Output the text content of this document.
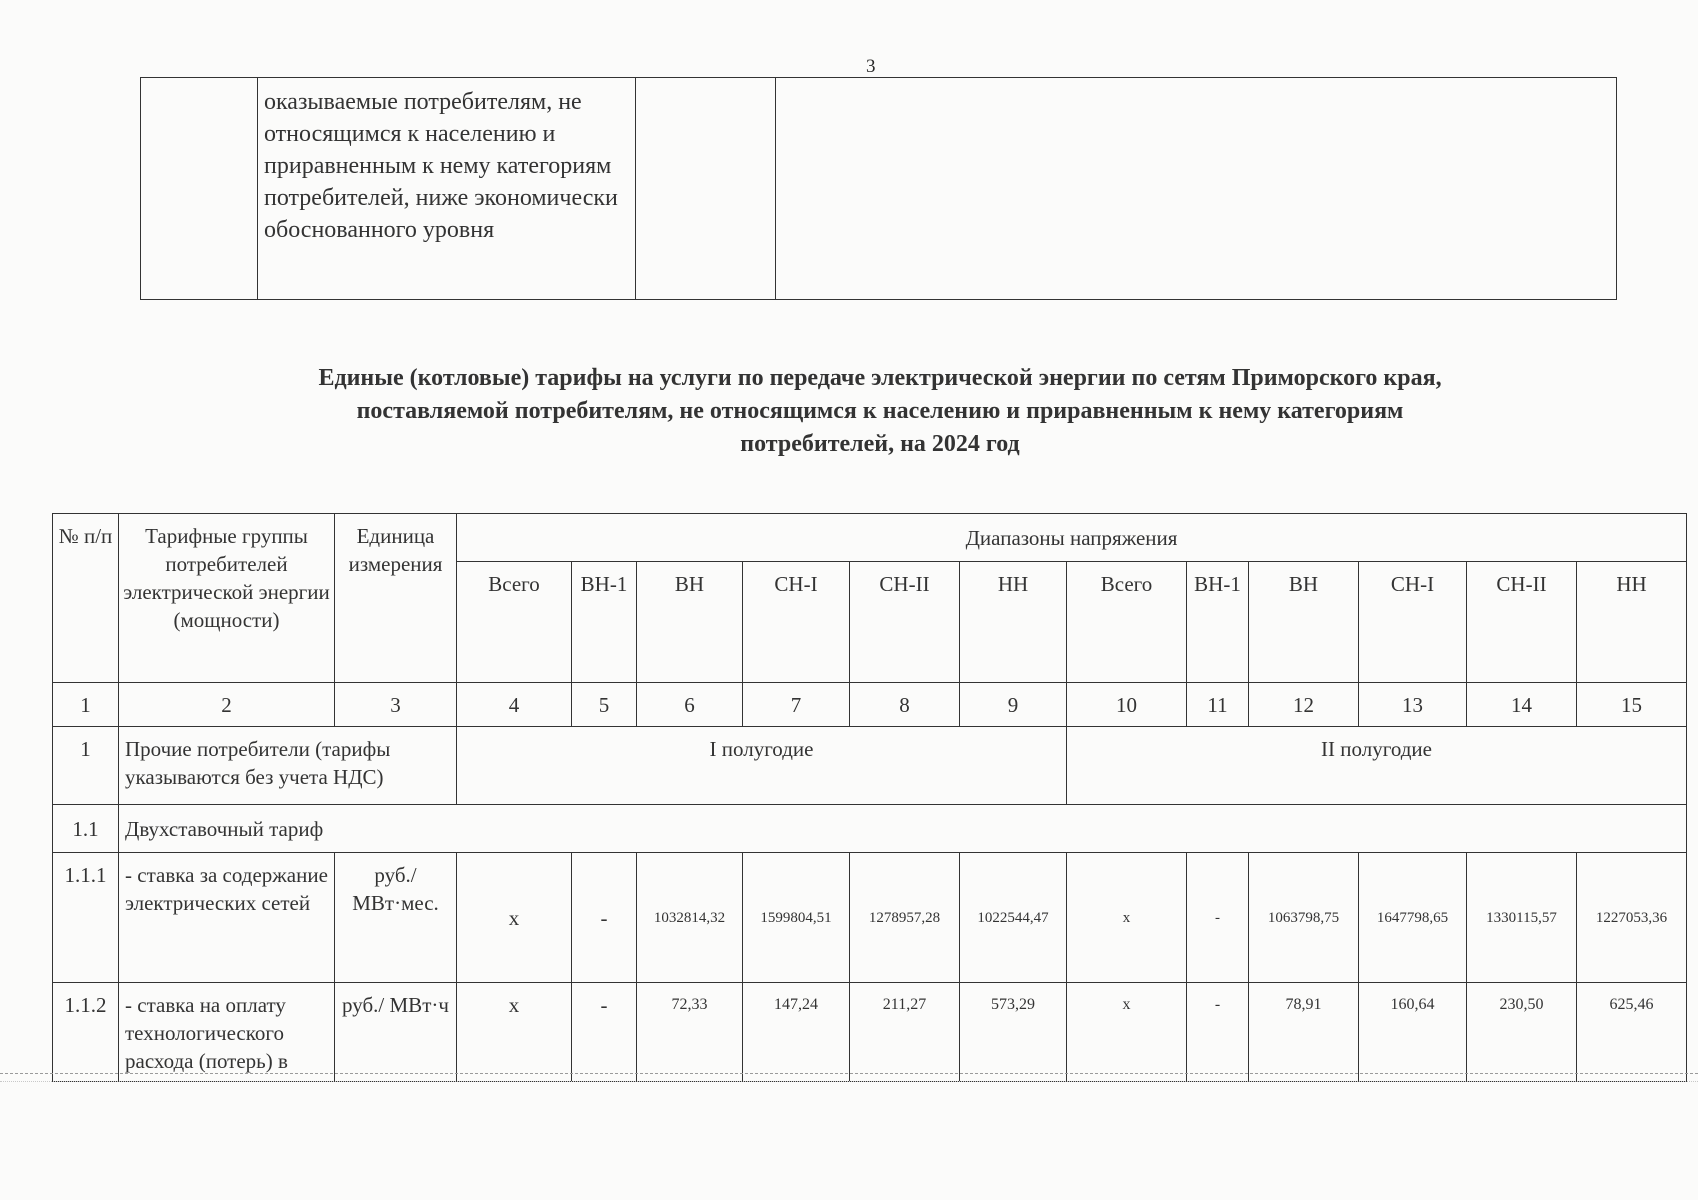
3
	оказываемые потребителям, не относящимся к населению и приравненным к нему категориям потребителей, ниже экономически обоснованного уровня		
Единые (котловые) тарифы на услуги по передаче электрической энергии по сетям Приморского края,
поставляемой потребителям, не относящимся к населению и приравненным к нему категориям
потребителей, на 2024 год
№ п/п	Тарифные группы потребителей электрической энергии (мощности)	Единица измерения	Диапазоны напряжения											
			Всего	ВН-1	ВН	СН-I	СН-II	НН	Всего	ВН-1	ВН	СН-I	СН-II	НН
1	2	3	4	5	6	7	8	9	10	11	12	13	14	15
1	Прочие потребители (тарифы указываются без учета НДС)		I полугодие						II полугодие					
1.1	Двухставочный тариф													
1.1.1	- ставка за содержание электрических сетей	руб./ МВт·мес.	х	-	1032814,32	1599804,51	1278957,28	1022544,47	х	-	1063798,75	1647798,65	1330115,57	1227053,36
1.1.2	- ставка на оплату технологического расхода (потерь) в	руб./ МВт·ч	х	-	72,33	147,24	211,27	573,29	х	-	78,91	160,64	230,50	625,46
